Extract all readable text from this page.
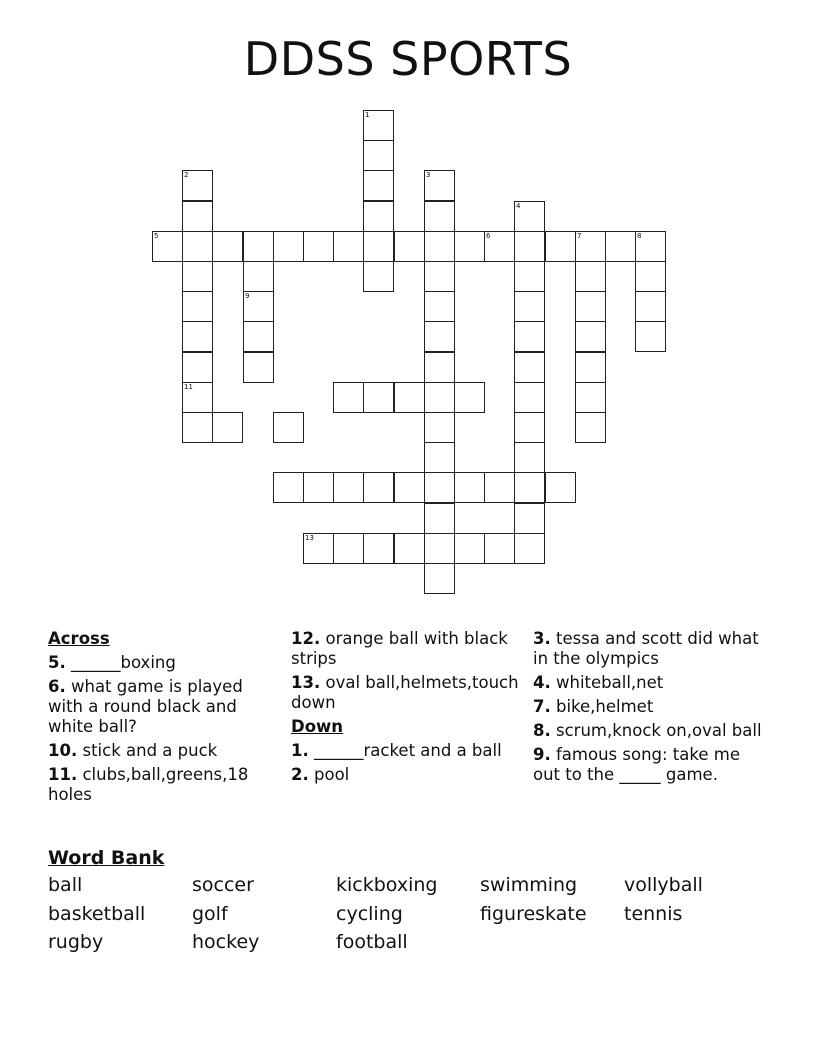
DDSS SPORTS
1
2
11
3
4
5	6	7	8
9
13
Across
5. ______boxing
6. what game is played with a round black and white ball?
10. stick and a puck
11. clubs,ball,greens,18 holes
12. orange ball with black strips
13. oval ball,helmets,touch down
Down
1. ______racket and a ball
2. pool
3. tessa and scott did what in the olympics
4. whiteball,net
7. bike,helmet
8. scrum,knock on,oval ball
9. famous song: take me out to the _____ game.
Word Bank
ball	soccer	kickboxing swimming vollyball
basketball golf	cycling	figureskate tennis
rugby	hockey	football
